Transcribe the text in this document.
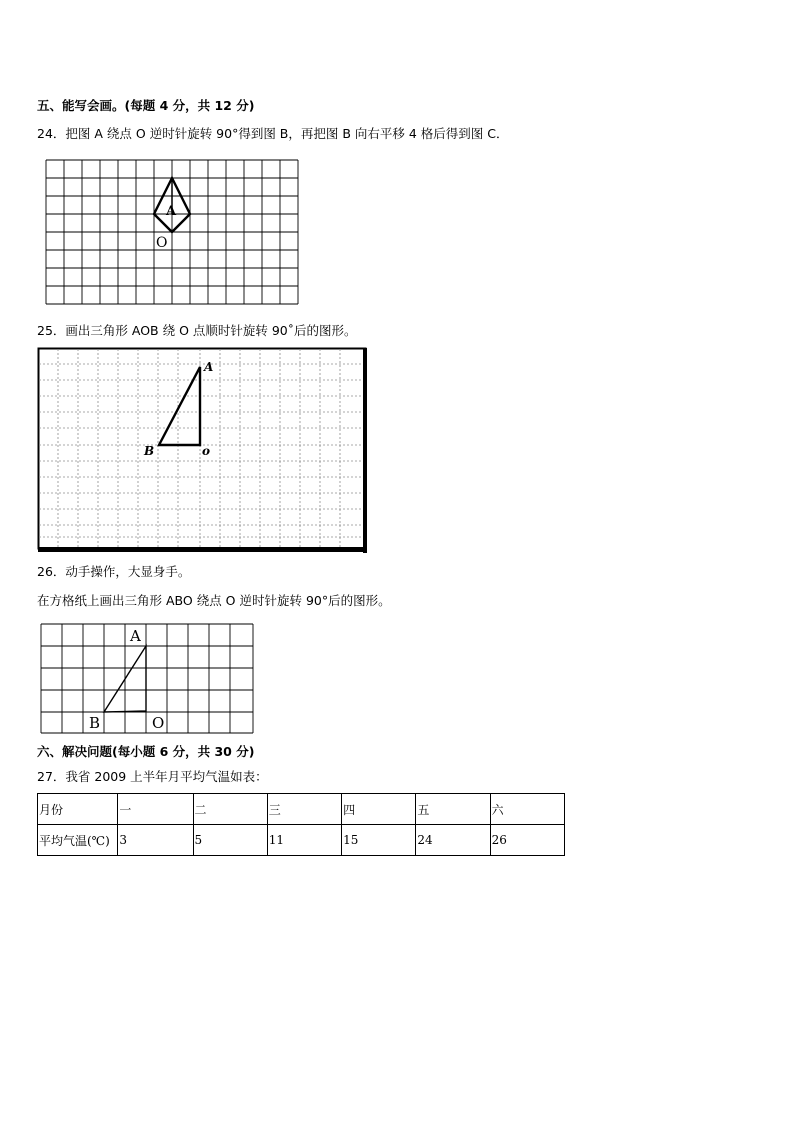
五、能写会画。(每题 4 分，共 12 分)
24．把图 A 绕点 O 逆时针旋转 90°得到图 B，再把图 B 向右平移 4 格后得到图 C．
A
O
25．画出三角形 AOB 绕 O 点顺时针旋转 90˚后的图形。
A
B	o
26．动手操作，大显身手。
在方格纸上画出三角形 ABO 绕点 O 逆时针旋转 90°后的图形。
A
B	O
六、解决问题(每小题 6 分，共 30 分)
27．我省 2009 上半年月平均气温如表：
月份	一	二	三	四	五	六
平均气温(℃)	3	5	11	15	24	26
